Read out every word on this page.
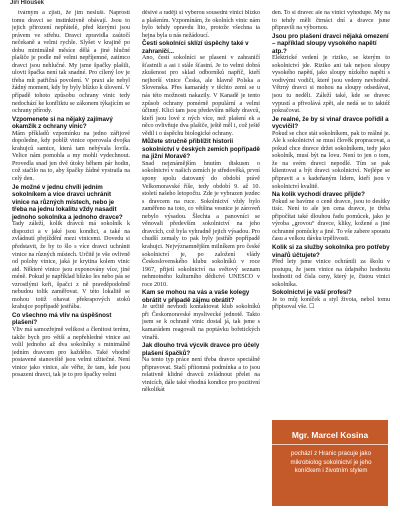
Jiří Hloušek

tvárným a zjistí, že jim nesluší. Naprostí tomu dravci se instinktivně obávají. Jsou to jejich přirození nepřátelé, před kterými jsou právem ve střehu. Dravci zpravidla zaútočí nečekaně a velmi rychle. Slyšet v krajině po dobu minimálně měsíce dělá a jiné hlučné plašiče je podle mě velmi nepříjemné, zatímco dravci jsou nehlučné. My jsme špačky plašili, ulovit špačka není tak snadné. Pro cílený lov je třeba mít patřičná povolení. V praxi ale nebyl žádný moment, kdy by byly blízko k úlovení. V případě tohoto způsobu ochrany vinic tedy nedochází ke konfliktu se zákonem týkajícím se ochrany přírody.

Vzpomenete si na nějaký zajímavý okamžik z ochrany vinic?

Mám příkladů vzpomínku na jedno zářijové dopoledne, kdy poblíž vinice operovala dvojka krahujců samice, která tam nebývala lovila. Velice nám pomohla a my mohli vydechnout. Provedla snad jen dvě útoky během pár hodin, což stačilo na to, aby špačky žádné vystraila na celý den.

Je možné v jednu chvíli jedním sokolníkem a více dravci uchránit vinice na různých místech, nebo je třeba na jednu lokalitu vždy nasadit jednoho sokolníka a jednoho dravce?

Tady záleží, kolik dravců má sokolník k dispozici a v jaké jsou kondici, a také na zvládnutí přejíždění mezi vinicemi. Dovedu si představit, že by to šlo s více dravci uchránit vinice na různých místech. Určitě je vše ovlivně od polohy vinice, jaká je krytina kolem vinic atd. Některé vinice jsou exponovány více, jiné méně. Pokud je například blízko les nebo pás se vzrostlými keři, špačci z ně pravděpodobně nebudou tolik zaměřovat. V této lokalitě se mohou totiž ohavat překrapových stoků krahujce popřípadě jestřába.

Co všechno má vliv na úspěšnost plašení?

Vliv má samozřejmě velikost a členitost terénu, takže bych pro větší a nepřehledné vinice asi volil jednoho až dva sokolníky s minimálně jedním dravcem pro každého. Také vhodně postavené stanoviště jsou velmi užitečné. Není vinice jako vinice, ale věřte, že tam, kde jsou posazeni dravci, tak je to pro špačky velmi

děsivé a radějí si vyberou sousední vinici blízko a plašením. Vzpomínám, že okolních vinic nám bylo tehdy opravdu lito, protože všechna ta hejna byla u nás nežádoucí.

Čestí sokolníci sklízí úspěchy také v zahraničí...

Ano, čestí sokolníci se plaseni v zahraničí šťastnili a asi i stále šťastní. Je to velmi dobrá zkušenost pro sklad odborníků napříč, kteří nejhorší vinice Česka, ale hlavně Polska a Slovenska. Přes kamarády v těchto zemí se u nás této možnosti nakazily. V Kanadě je tento způsob ochrany pomérně populární a velmi účinný. Klicí tam jsou především někdy dravců, kteří jsou lové z ných více, než plašení ek a něco ovlivňuje dva plašiče, ještě měl i, což ještě vědil i o úspěchu biologické ochrany.

Můžete stručně přiblížit historii sokolnictví v českých zemích popřípadě na jižní Moravě?

Snad nejznámějším hnutím diskusm o sokolnictví v našich zemích je středověká, první spony spolu datovaný do období právě Velkomoravské říše, tedy období 9. až 10. století našeho letopočtu. Zde je vybrazen jezdec s dravcem na ruce. Sokolnictví vždy bylo zaměřeno na toto, co většina vesnice je zároveň nebylo výsadou. Šlechta a panovníci se věnovali především sokolnictví na jeho dravcích, což byla vyhradně jejich výsadou. Pro chudší zemaly to pak byly jestřáb popřípadě krahujci. Nejvýznamnějším milníkem pro české sokolnictví je, po založení vlády Československého klubu sokolníků v roce 1967, přijetí sokolnictví na světový seznam nehmotného kulturního dědictví UNESCO v roce 2010.

Kam se mohou na vás a vaše kolegy obrátit v případě zájmu obrátit?

Je určitě nevhodí kontaktovat klub sokolníků při Českomoravské myslivecké jednotě. Takto jsem se k ochraně vinic dostal já, tak jsme s kamarádem reagovali na poptávku bořetických vinařů.

Jak dlouho trvá výcvik dravce pro účely plašení špačků?

Na tento typ práce není třeba dravce speciálně připravovat. Stačí přítomná podmínka a to jsou relativně klidné dravců zvládnout přelet na vinicích, dále také vhodná kondice pro pozitivní několikát

den. To si dravec ale na vinici vyhodupe. My na to tehdy měli čtrnáct dní a dravce jsme připravili na výbornou.

Jsou pro plašení dravci nějaká omezení – například sloupy vysokého napětí atp.?

Elektrické vedení je riziko, se kterým to sokolnictví jde. Riziko ani tak nejsou sloupy vysokého napětí, jako sloupy nízkého napětí s vodivými vodiči, které jsou vedeny nevhodně. Větrný dravci si mohou na sloupy odsedávat, jsou tu neděli. Záleží také, kde se dravec vypustí a přivolává zpět, ale nedá se to taktéž pokračovat.

Je realné, že by si vinař dravce pořídil a vycvičil?

Pokud se chce stát sokolníkem, pak to reálné je. Ale k sokolnictví se musí člověk propracovat, a pokud chce dravce držet sokolníkem, tedy jako sokolník, musí být na lovu. Není to jen o tom, že na svém dravci nepodlé. Tím se pak klientovat a být dravci sokolnictví. Nejlépe se připravit a s kadeňaným lidem, kteří jsou v sokolnictví kvalitě.

Na kolik vychodí dravec přijde?

Pokud se bavíme o ceně dravce, jsou to desítky tisíc. Není to ale jen cena dravce, je třeba připočítat také dlouhou řadu pomůcek, jako je výroba „grovou“ dravce, kliky, kožené a jiné ochranné pomůcky a jiné. To vše zabere spoustu času a velkou dávku trpělivosti.

Kolik si za služby sokolníka pro potřeby vinařů účtujete?

Před lety jsme vinice ochránili za školu v postupu, že jsem vinice na údajného hodnotu hodnotit od čísla ceny, který je, čistou vinici sokolníka.

Sokolnictví je vaší profesí?

Je to můj koníček a styl života, nebol tomu připisoval vše. ☐

Mgr. Marcel Kosina
pochází z Hranic pracuje jako mikrobiolog sokolnictví je jeho koníčkem i životním stylem
